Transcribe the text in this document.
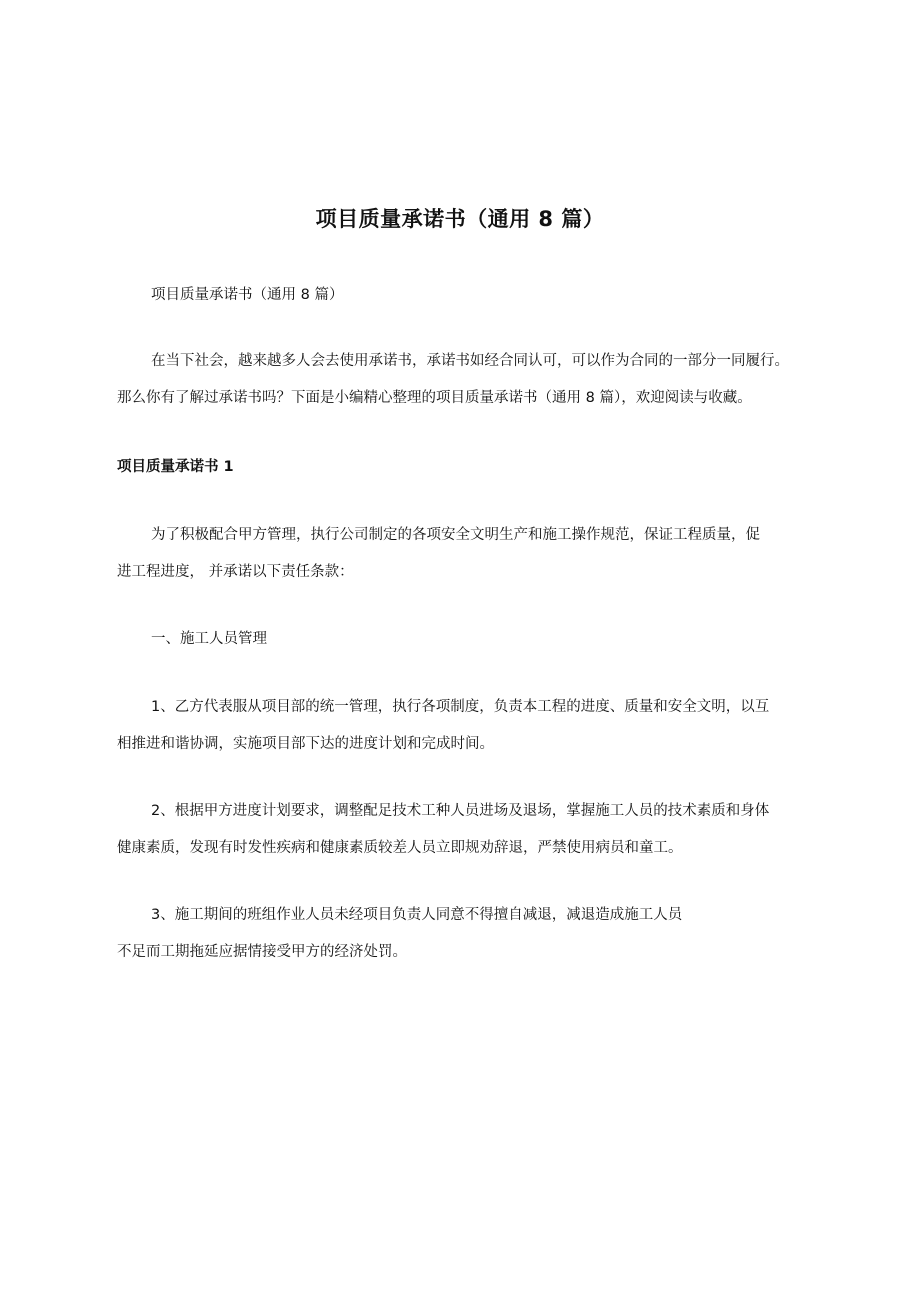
项目质量承诺书（通用 8 篇）
项目质量承诺书（通用 8 篇）
在当下社会，越来越多人会去使用承诺书，承诺书如经合同认可，可以作为合同的一部分一同履行。
那么你有了解过承诺书吗？下面是小编精心整理的项目质量承诺书（通用 8 篇），欢迎阅读与收藏。
项目质量承诺书 1
为了积极配合甲方管理，执行公司制定的各项安全文明生产和施工操作规范，保证工程质量，促
进工程进度， 并承诺以下责任条款：
一、施工人员管理
1、乙方代表服从项目部的统一管理，执行各项制度，负责本工程的进度、质量和安全文明，以互
相推进和谐协调，实施项目部下达的进度计划和完成时间。
2、根据甲方进度计划要求，调整配足技术工种人员进场及退场，掌握施工人员的技术素质和身体
健康素质，发现有时发性疾病和健康素质较差人员立即规劝辞退，严禁使用病员和童工。
3、施工期间的班组作业人员未经项目负责人同意不得擅自减退，减退造成施工人员
不足而工期拖延应据情接受甲方的经济处罚。
